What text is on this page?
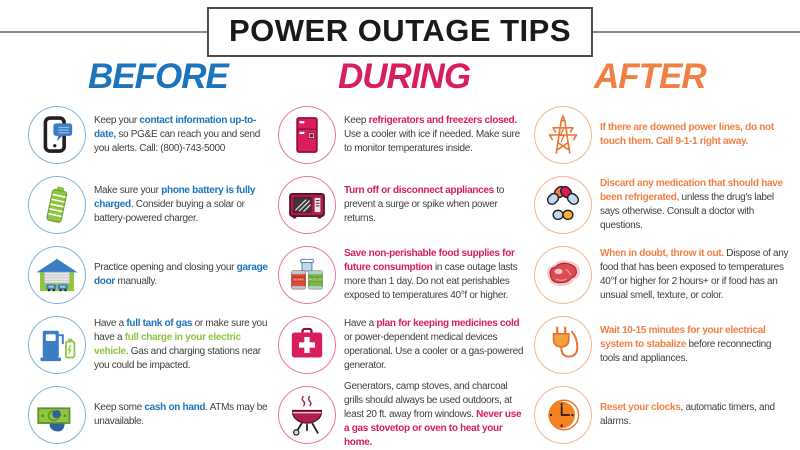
POWER OUTAGE TIPS
BEFORE

Keep your contact information up-to-date, so PG&E can reach you and send you alerts. Call: (800)-743-5000

Make sure your phone battery is fully charged. Consider buying a solar or battery-powered charger.

Practice opening and closing your garage door manually.

Have a full tank of gas or make sure you have a full charge in your electric vehicle. Gas and charging stations near you could be impacted.

Keep some cash on hand. ATMs may be unavailable.

DURING

Keep refrigerators and freezers closed. Use a cooler with ice if needed. Make sure to monitor temperatures inside.

Turn off or disconnect appliances to prevent a surge or spike when power returns.

BEANS PICKLES

Save non-perishable food supplies for future consumption in case outage lasts more than 1 day. Do not eat perishables exposed to temperatures 40°f or higher.

Have a plan for keeping medicines cold or power-dependent medical devices operational. Use a cooler or a gas-powered generator.

Generators, camp stoves, and charcoal grills should always be used outdoors, at least 20 ft. away from windows. Never use a gas stovetop or oven to heat your home.

AFTER

If there are downed power lines, do not touch them. Call 9-1-1 right away.

Discard any medication that should have been refrigerated, unless the drug's label says otherwise. Consult a doctor with questions.

When in doubt, throw it out. Dispose of any food that has been exposed to temperatures 40°f or higher for 2 hours+ or if food has an unsual smell, texture, or color.

Wait 10-15 minutes for your electrical system to stabalize before reconnecting tools and appliances.

Reset your clocks, automatic timers, and alarms.
